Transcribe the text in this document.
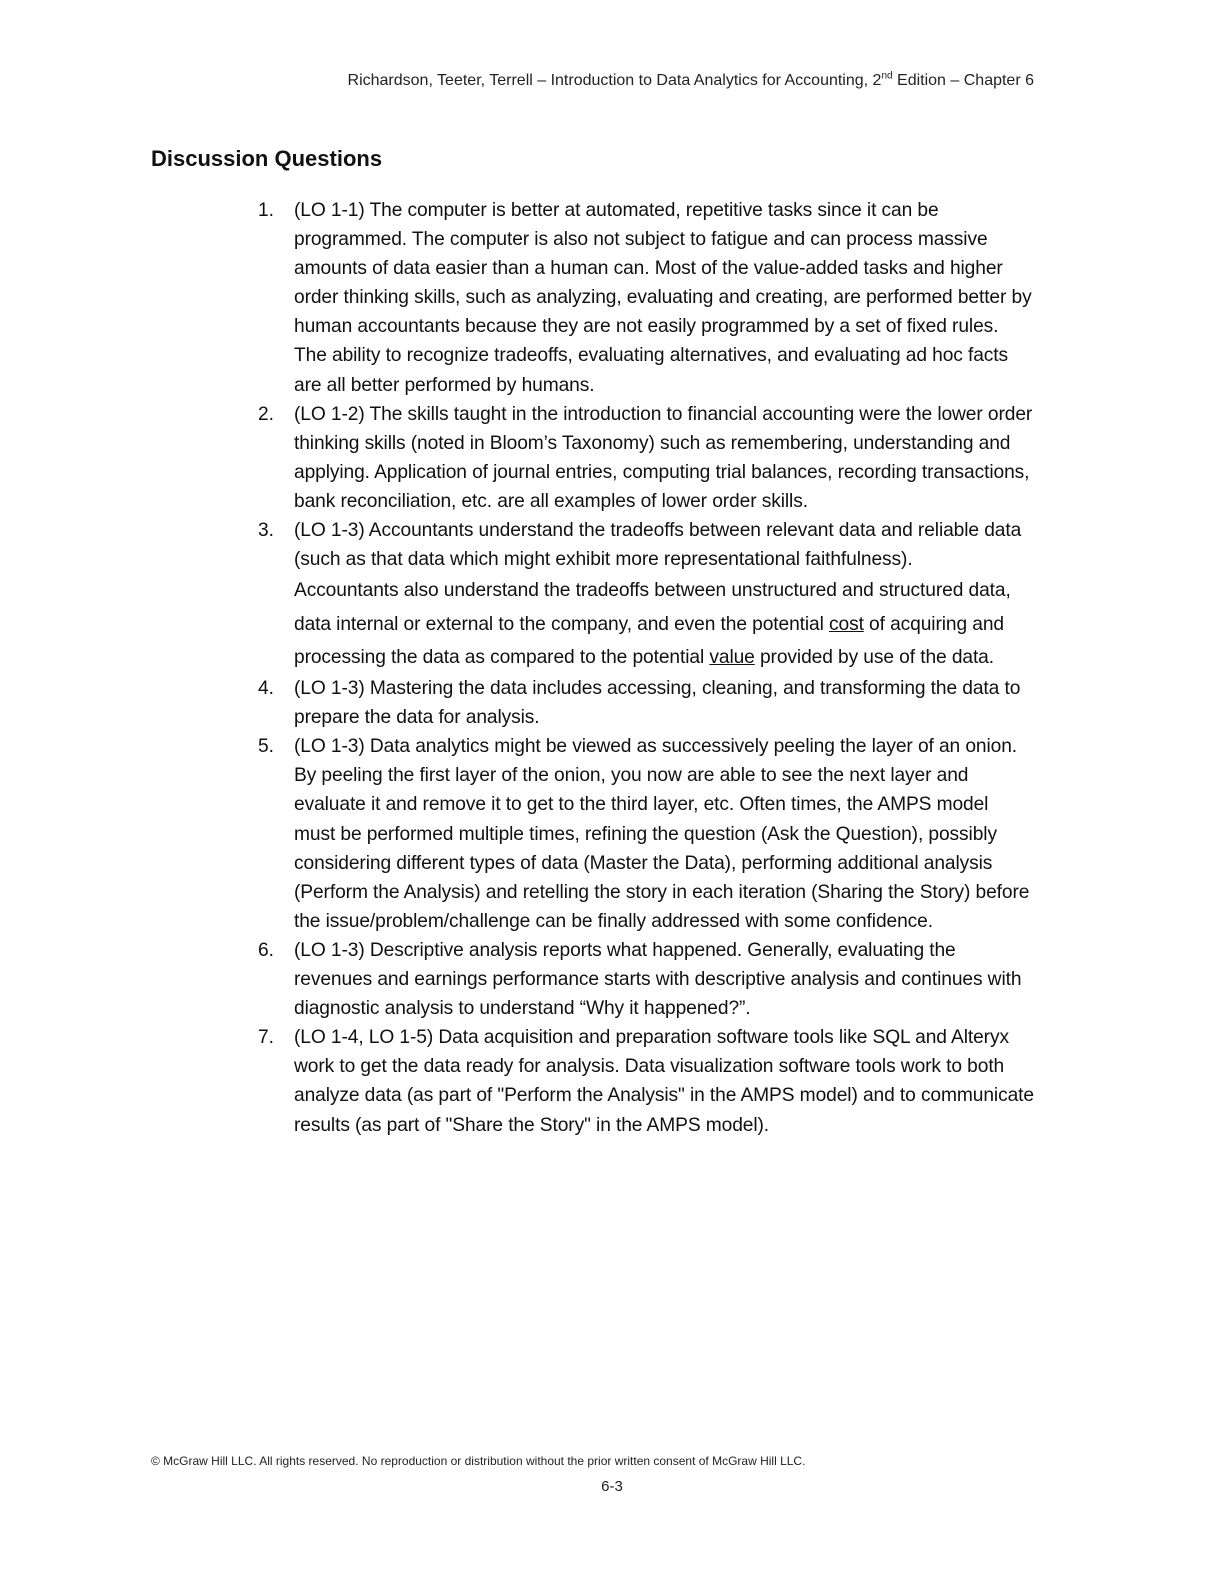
Richardson, Teeter, Terrell – Introduction to Data Analytics for Accounting, 2nd Edition – Chapter 6
Discussion Questions
1.	(LO 1-1) The computer is better at automated, repetitive tasks since it can be programmed. The computer is also not subject to fatigue and can process massive amounts of data easier than a human can. Most of the value-added tasks and higher order thinking skills, such as analyzing, evaluating and creating, are performed better by human accountants because they are not easily programmed by a set of fixed rules. The ability to recognize tradeoffs, evaluating alternatives, and evaluating ad hoc facts are all better performed by humans.
2.	(LO 1-2) The skills taught in the introduction to financial accounting were the lower order thinking skills (noted in Bloom’s Taxonomy) such as remembering, understanding and applying. Application of journal entries, computing trial balances, recording transactions, bank reconciliation, etc. are all examples of lower order skills.
3.	(LO 1-3) Accountants understand the tradeoffs between relevant data and reliable data (such as that data which might exhibit more representational faithfulness).
Accountants also understand the tradeoffs between unstructured and structured data, data internal or external to the company, and even the potential cost of acquiring and processing the data as compared to the potential value provided by use of the data.
4.	(LO 1-3) Mastering the data includes accessing, cleaning, and transforming the data to prepare the data for analysis.
5.	(LO 1-3) Data analytics might be viewed as successively peeling the layer of an onion. By peeling the first layer of the onion, you now are able to see the next layer and evaluate it and remove it to get to the third layer, etc. Often times, the AMPS model must be performed multiple times, refining the question (Ask the Question), possibly considering different types of data (Master the Data), performing additional analysis (Perform the Analysis) and retelling the story in each iteration (Sharing the Story) before the issue/problem/challenge can be finally addressed with some confidence.
6.	(LO 1-3) Descriptive analysis reports what happened. Generally, evaluating the revenues and earnings performance starts with descriptive analysis and continues with diagnostic analysis to understand “Why it happened?”.
7.	(LO 1-4, LO 1-5) Data acquisition and preparation software tools like SQL and Alteryx work to get the data ready for analysis. Data visualization software tools work to both analyze data (as part of "Perform the Analysis" in the AMPS model) and to communicate results (as part of "Share the Story" in the AMPS model).
© McGraw Hill LLC. All rights reserved. No reproduction or distribution without the prior written consent of McGraw Hill LLC.
6-3
